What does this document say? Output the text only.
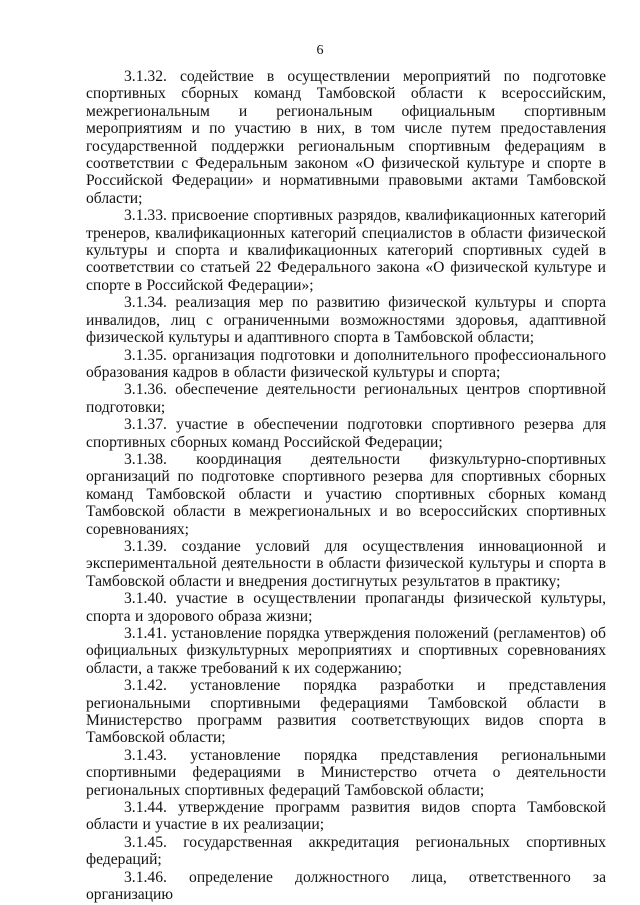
6

3.1.32. содействие в осуществлении мероприятий по подготовке спортивных сборных команд Тамбовской области к всероссийским, межрегиональным и региональным официальным спортивным мероприятиям и по участию в них, в том числе путем предоставления государственной поддержки региональным спортивным федерациям в соответствии с Федеральным законом «О физической культуре и спорте в Российской Федерации» и нормативными правовыми актами Тамбовской области;

3.1.33. присвоение спортивных разрядов, квалификационных категорий тренеров, квалификационных категорий специалистов в области физической культуры и спорта и квалификационных категорий спортивных судей в соответствии со статьей 22 Федерального закона «О физической культуре и спорте в Российской Федерации»;

3.1.34. реализация мер по развитию физической культуры и спорта инвалидов, лиц с ограниченными возможностями здоровья, адаптивной физической культуры и адаптивного спорта в Тамбовской области;

3.1.35. организация подготовки и дополнительного профессионального образования кадров в области физической культуры и спорта;

3.1.36. обеспечение деятельности региональных центров спортивной подготовки;

3.1.37. участие в обеспечении подготовки спортивного резерва для спортивных сборных команд Российской Федерации;

3.1.38. координация деятельности физкультурно-спортивных организаций по подготовке спортивного резерва для спортивных сборных команд Тамбовской области и участию спортивных сборных команд Тамбовской области в межрегиональных и во всероссийских спортивных соревнованиях;

3.1.39. создание условий для осуществления инновационной и экспериментальной деятельности в области физической культуры и спорта в Тамбовской области и внедрения достигнутых результатов в практику;

3.1.40. участие в осуществлении пропаганды физической культуры, спорта и здорового образа жизни;

3.1.41. установление порядка утверждения положений (регламентов) об официальных физкультурных мероприятиях и спортивных соревнованиях области, а также требований к их содержанию;

3.1.42. установление порядка разработки и представления региональными спортивными федерациями Тамбовской области в Министерство программ развития соответствующих видов спорта в Тамбовской области;

3.1.43. установление порядка представления региональными спортивными федерациями в Министерство отчета о деятельности региональных спортивных федераций Тамбовской области;

3.1.44. утверждение программ развития видов спорта Тамбовской области и участие в их реализации;

3.1.45. государственная аккредитация региональных спортивных федераций;

3.1.46. определение должностного лица, ответственного за организацию
